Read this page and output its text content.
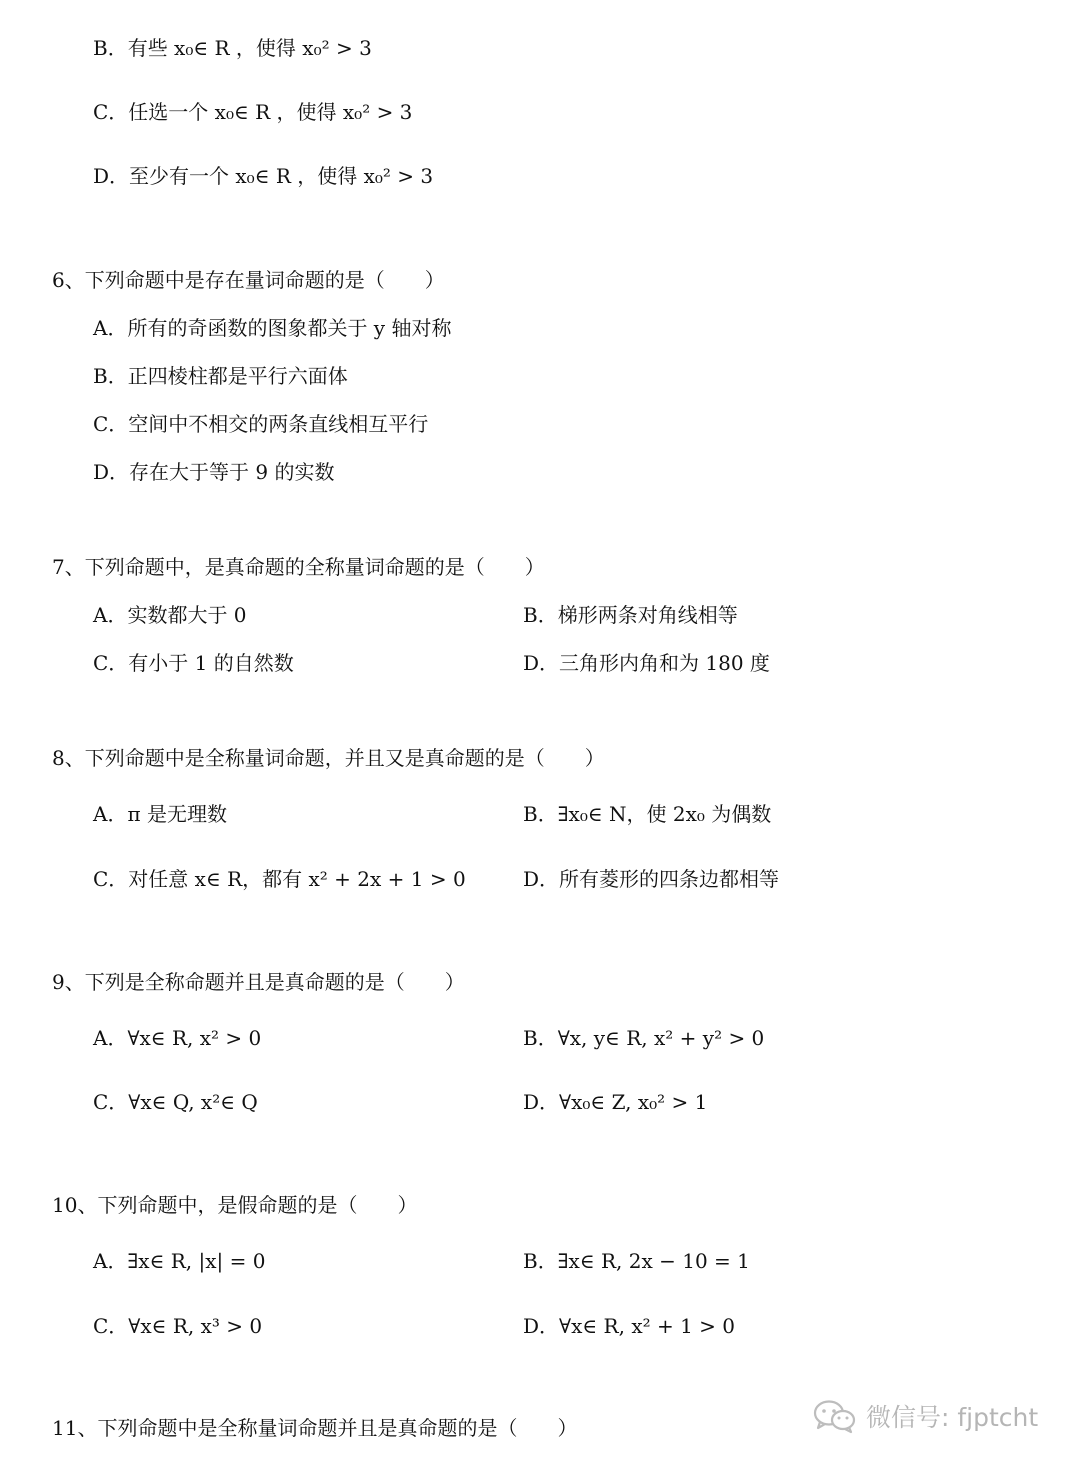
B．有些 x₀∈ R ，使得 x₀² > 3
C．任选一个 x₀∈ R ，使得 x₀² > 3
D．至少有一个 x₀∈ R ，使得 x₀² > 3
6、下列命题中是存在量词命题的是（　　）
A．所有的奇函数的图象都关于 y 轴对称
B．正四棱柱都是平行六面体
C．空间中不相交的两条直线相互平行
D．存在大于等于 9 的实数
7、下列命题中，是真命题的全称量词命题的是（　　）
A．实数都大于 0	B．梯形两条对角线相等
C．有小于 1 的自然数	D．三角形内角和为 180 度
8、下列命题中是全称量词命题，并且又是真命题的是（　　）
A．π 是无理数	B．∃x₀∈ N，使 2x₀ 为偶数
C．对任意 x∈ R，都有 x² + 2x + 1 > 0	D．所有菱形的四条边都相等
9、下列是全称命题并且是真命题的是（　　）
A．∀x∈ R, x² > 0	B．∀x, y∈ R, x² + y² > 0
C．∀x∈ Q, x²∈ Q	D．∀x₀∈ Z, x₀² > 1
10、下列命题中，是假命题的是（　　）
A．∃x∈ R, |x| = 0	B．∃x∈ R, 2x − 10 = 1
C．∀x∈ R, x³ > 0	D．∀x∈ R, x² + 1 > 0
11、下列命题中是全称量词命题并且是真命题的是（　　）	微信号: fjptcht
